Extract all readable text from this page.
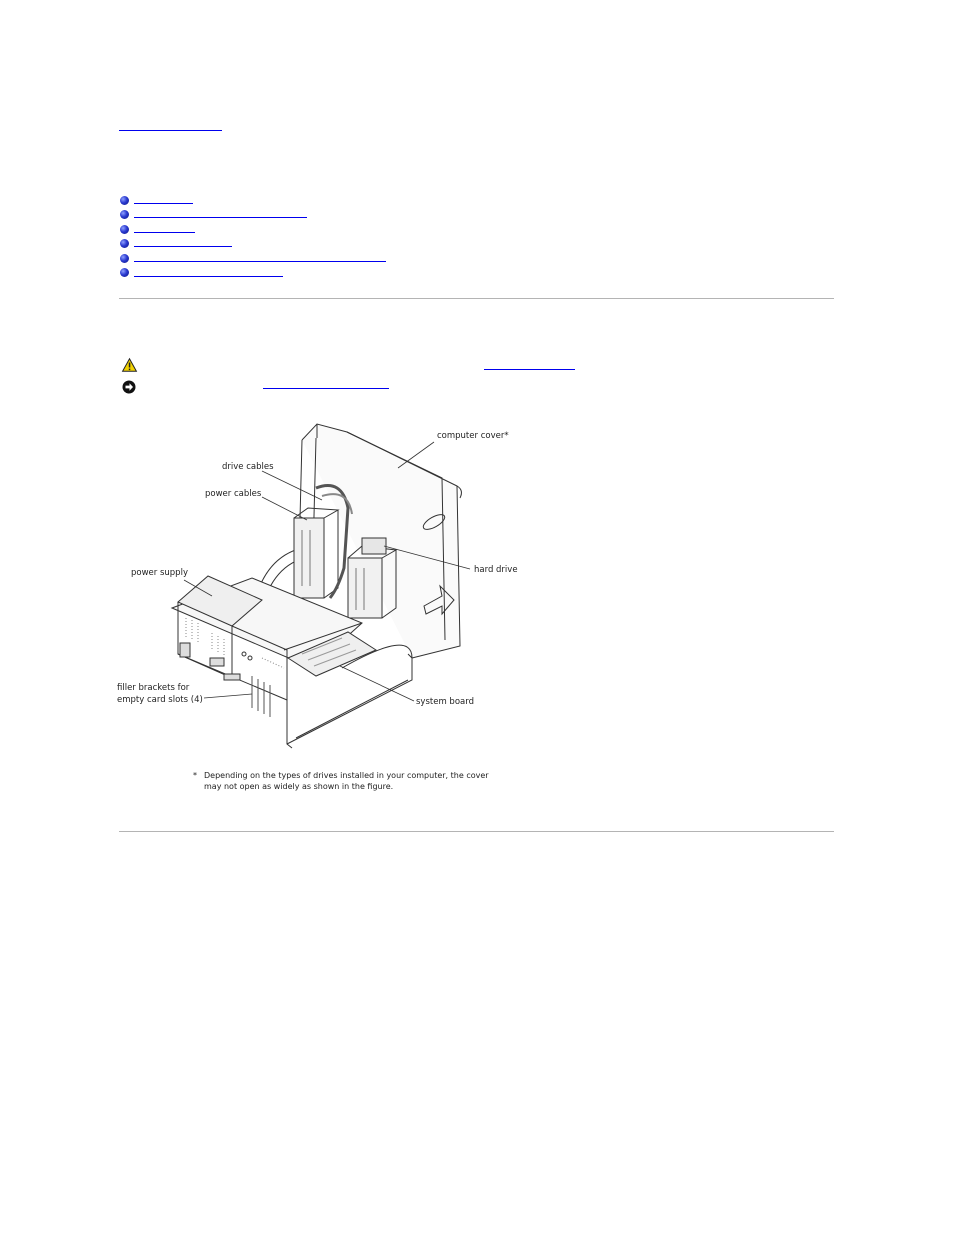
computer cover*
drive cables
power cables
power supply	hard drive
filler brackets for
empty card slots (4)	system board
* Depending on the types of drives installed in your computer, the cover
may not open as widely as shown in the figure.
